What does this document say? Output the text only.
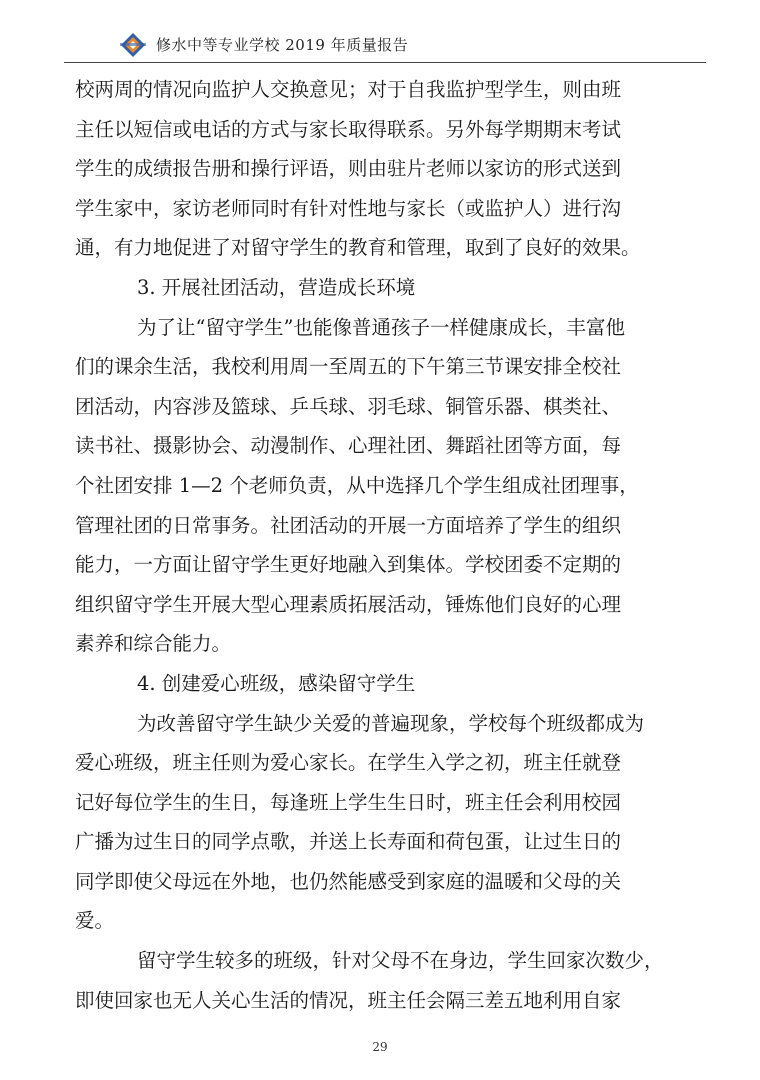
修水中等专业学校 2019 年质量报告
校两周的情况向监护人交换意见；对于自我监护型学生，则由班
主任以短信或电话的方式与家长取得联系。另外每学期期末考试
学生的成绩报告册和操行评语，则由驻片老师以家访的形式送到
学生家中，家访老师同时有针对性地与家长（或监护人）进行沟
通，有力地促进了对留守学生的教育和管理，取到了良好的效果。
3. 开展社团活动，营造成长环境
为了让“留守学生”也能像普通孩子一样健康成长，丰富他
们的课余生活，我校利用周一至周五的下午第三节课安排全校社
团活动，内容涉及篮球、乒乓球、羽毛球、铜管乐器、棋类社、
读书社、摄影协会、动漫制作、心理社团、舞蹈社团等方面，每
个社团安排 1—2 个老师负责，从中选择几个学生组成社团理事，
管理社团的日常事务。社团活动的开展一方面培养了学生的组织
能力，一方面让留守学生更好地融入到集体。学校团委不定期的
组织留守学生开展大型心理素质拓展活动，锤炼他们良好的心理
素养和综合能力。
4. 创建爱心班级，感染留守学生
为改善留守学生缺少关爱的普遍现象，学校每个班级都成为
爱心班级，班主任则为爱心家长。在学生入学之初，班主任就登
记好每位学生的生日，每逢班上学生生日时，班主任会利用校园
广播为过生日的同学点歌，并送上长寿面和荷包蛋，让过生日的
同学即使父母远在外地，也仍然能感受到家庭的温暖和父母的关
爱。
留守学生较多的班级，针对父母不在身边，学生回家次数少，
即使回家也无人关心生活的情况，班主任会隔三差五地利用自家
29
